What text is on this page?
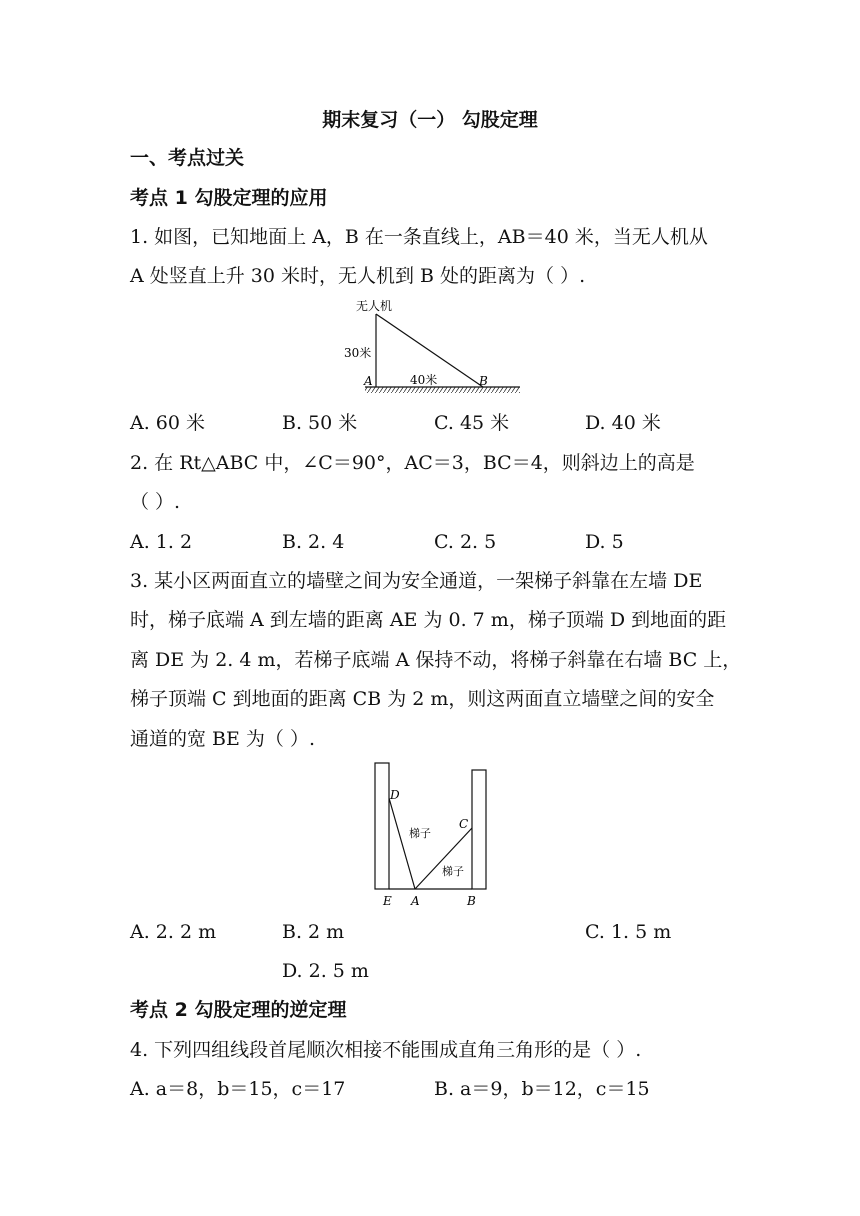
期末复习（一） 勾股定理
一、考点过关
考点 1 勾股定理的应用
1. 如图，已知地面上 A，B 在一条直线上，AB＝40 米，当无人机从
A 处竖直上升 30 米时，无人机到 B 处的距离为（ ）.
无人机
30米
40米
A	B
A. 60 米	B. 50 米	C. 45 米	D. 40 米
2. 在 Rt△ABC 中，∠C＝90°，AC＝3，BC＝4，则斜边上的高是
（ ）.
A. 1. 2	B. 2. 4	C. 2. 5	D. 5
3. 某小区两面直立的墙壁之间为安全通道，一架梯子斜靠在左墙 DE
时，梯子底端 A 到左墙的距离 AE 为 0. 7 m，梯子顶端 D 到地面的距
离 DE 为 2. 4 m，若梯子底端 A 保持不动，将梯子斜靠在右墙 BC 上，
梯子顶端 C 到地面的距离 CB 为 2 m，则这两面直立墙壁之间的安全
通道的宽 BE 为（ ）.
D
C
梯子
梯子
E A	B
A. 2. 2 m	B. 2 m	C. 1. 5 m
D. 2. 5 m
考点 2 勾股定理的逆定理
4. 下列四组线段首尾顺次相接不能围成直角三角形的是（ ）.
A. a＝8，b＝15，c＝17	B. a＝9，b＝12，c＝15
